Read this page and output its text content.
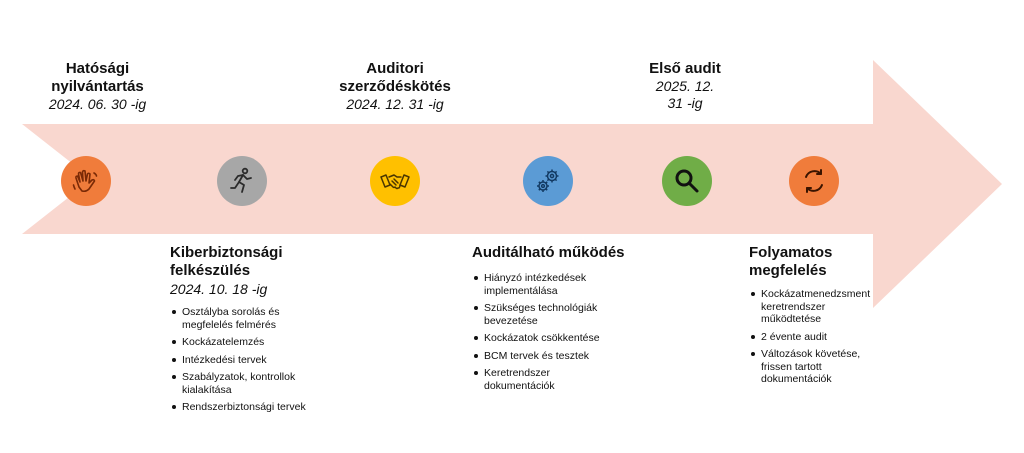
Hatósági

nyilvántartás

2024. 06. 30 -ig

Auditori

szerződéskötés

2024. 12. 31 -ig

Első audit

2025. 12.

31 -ig

Kiberbiztonsági

felkészülés

2024. 10. 18 -ig

Osztályba sorolás és
megfelelés felmérés
Kockázatelemzés
Intézkedési tervek
Szabályzatok, kontrollok
kialakítása
Rendszerbiztonsági tervek

Auditálható működés

Hiányzó intézkedések
implementálása
Szükséges technológiák
bevezetése
Kockázatok csökkentése
BCM tervek és tesztek
Keretrendszer
dokumentációk

Folyamatos

megfelelés

Kockázatmenedzsment
keretrendszer
működtetése
2 évente audit
Változások követése,
frissen tartott
dokumentációk
